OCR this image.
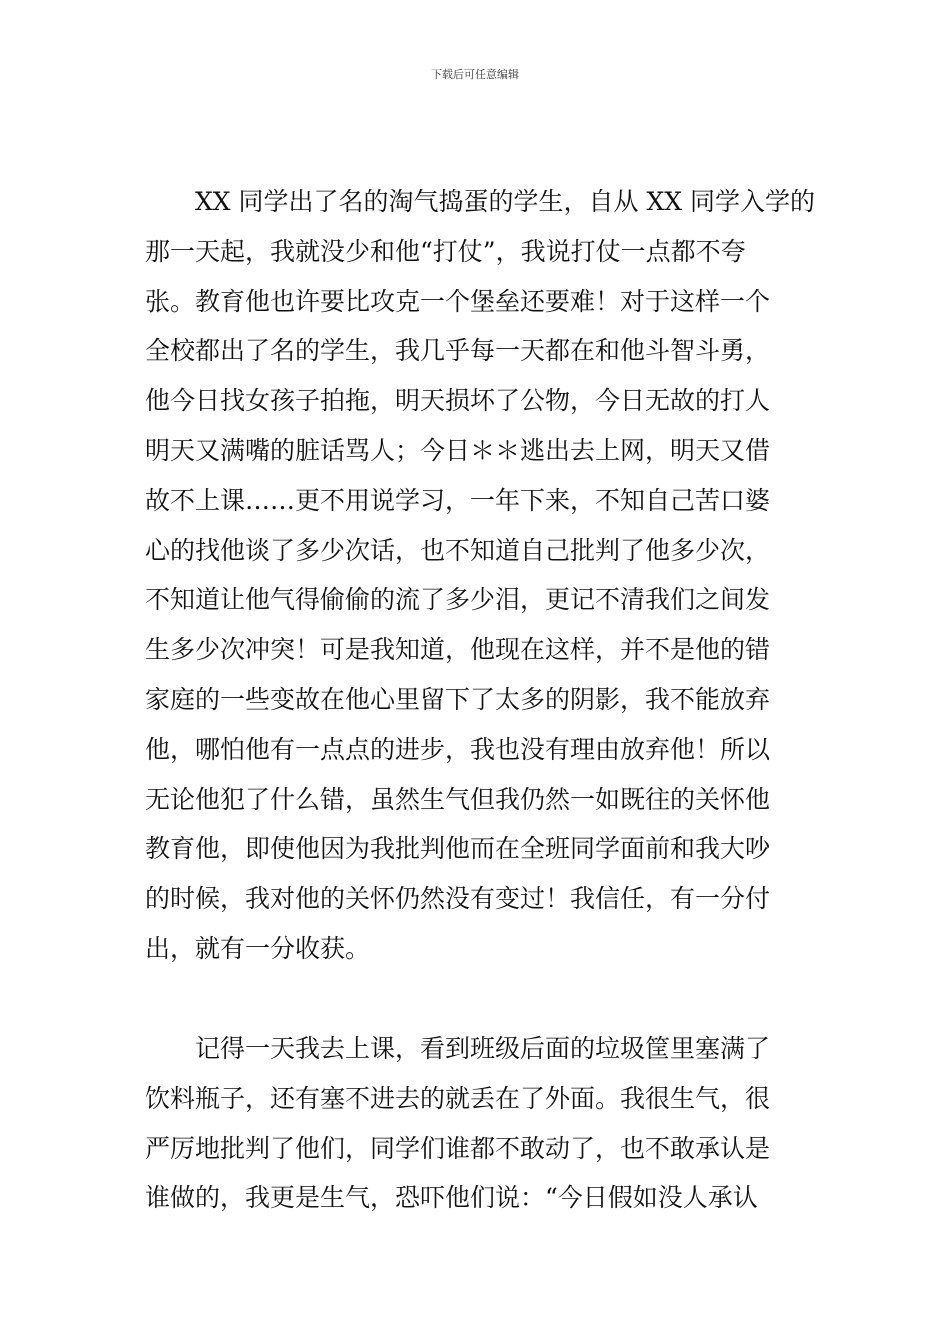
下载后可任意编辑
XX 同学出了名的淘气捣蛋的学生，自从 XX 同学入学的
那一天起，我就没少和他“打仗”，我说打仗一点都不夸
张。教育他也许要比攻克一个堡垒还要难！对于这样一个
全校都出了名的学生，我几乎每一天都在和他斗智斗勇，
他今日找女孩子拍拖，明天损坏了公物，今日无故的打人
明天又满嘴的脏话骂人；今日＊＊逃出去上网，明天又借
故不上课……更不用说学习，一年下来，不知自己苦口婆
心的找他谈了多少次话，也不知道自己批判了他多少次，
不知道让他气得偷偷的流了多少泪，更记不清我们之间发
生多少次冲突！可是我知道，他现在这样，并不是他的错
家庭的一些变故在他心里留下了太多的阴影，我不能放弃
他，哪怕他有一点点的进步，我也没有理由放弃他！所以
无论他犯了什么错，虽然生气但我仍然一如既往的关怀他
教育他，即使他因为我批判他而在全班同学面前和我大吵
的时候，我对他的关怀仍然没有变过！我信任，有一分付
出，就有一分收获。
记得一天我去上课，看到班级后面的垃圾筐里塞满了
饮料瓶子，还有塞不进去的就丢在了外面。我很生气，很
严厉地批判了他们，同学们谁都不敢动了，也不敢承认是
谁做的，我更是生气，恐吓他们说：“今日假如没人承认
